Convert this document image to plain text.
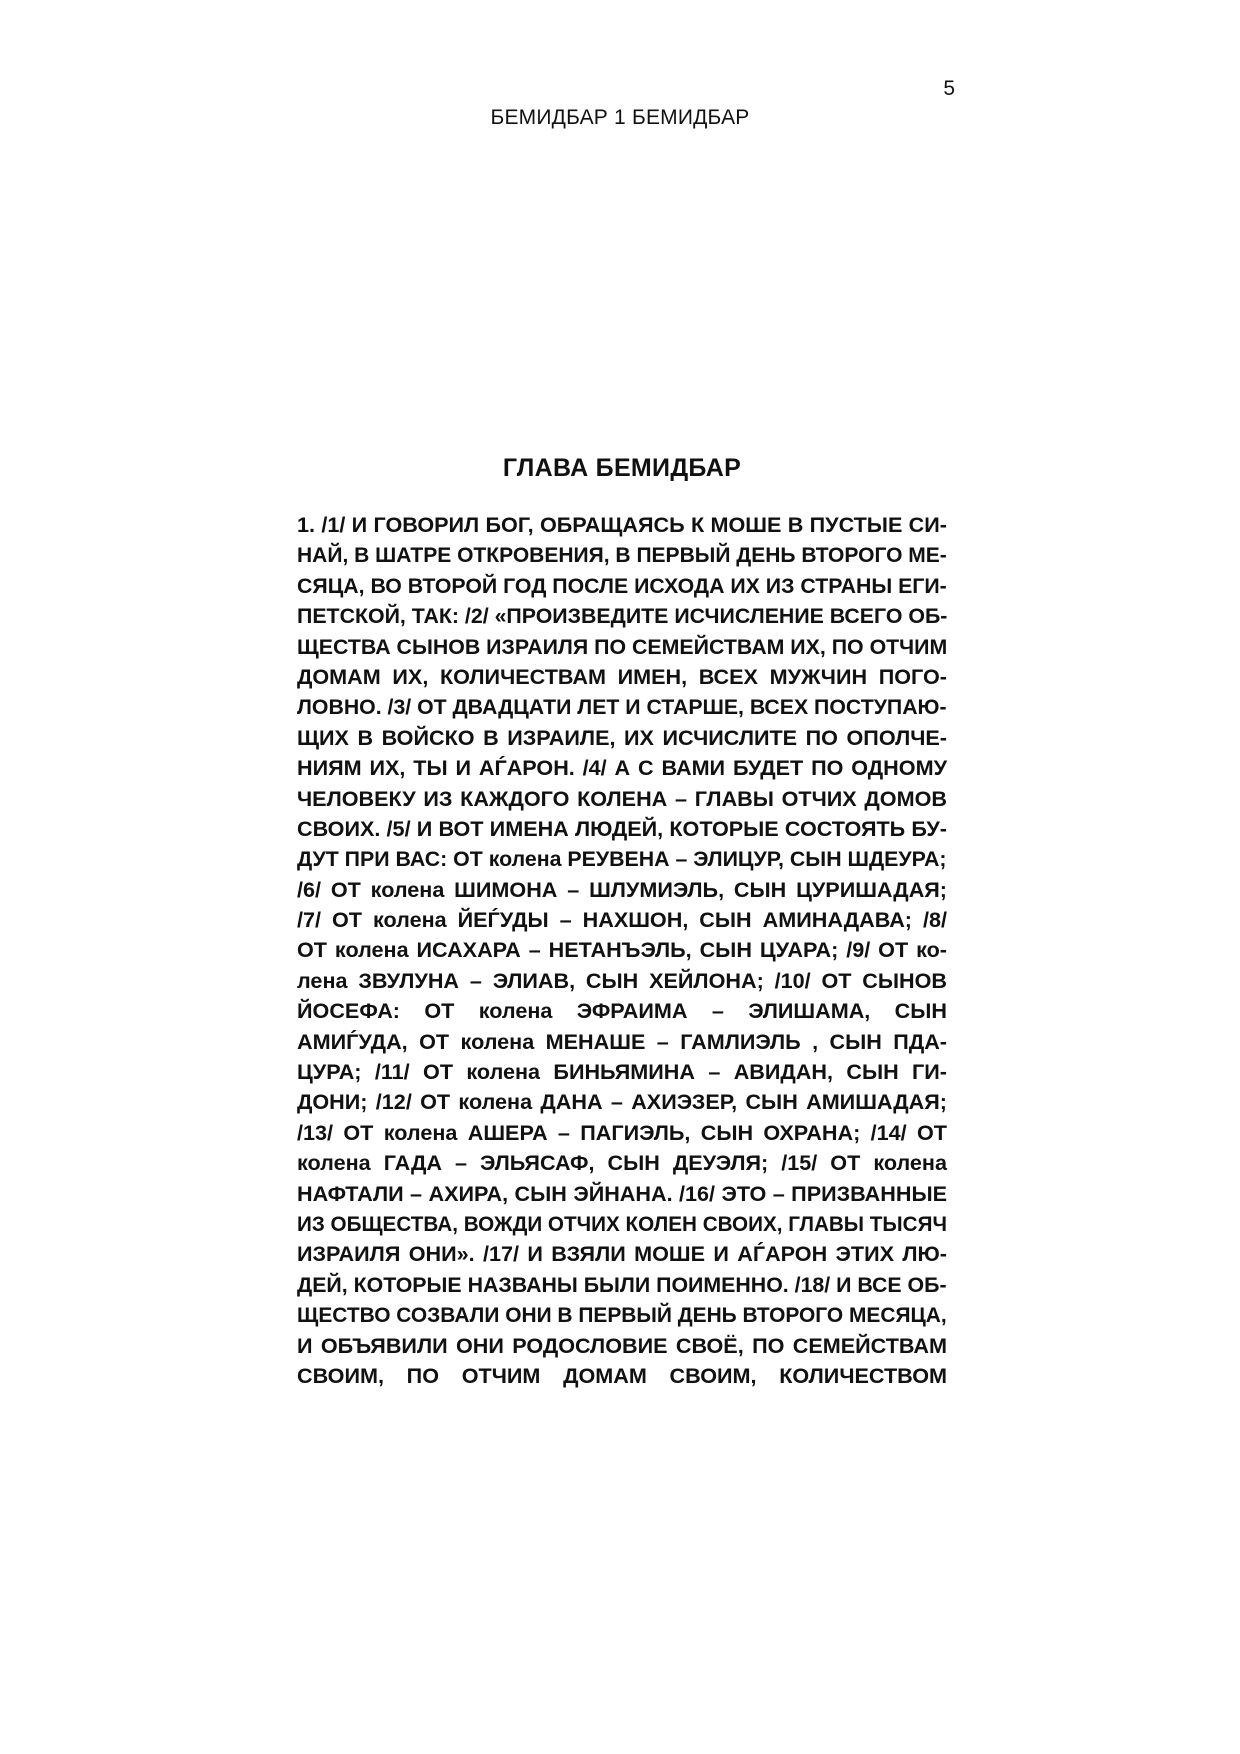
5
БЕМИДБАР 1 БЕМИДБАР
ГЛАВА БЕМИДБАР
1. /1/ И ГОВОРИЛ БОГ, ОБРАЩАЯСЬ К МОШЕ В ПУСТЫЕ СИ-
НАЙ, В ШАТРЕ ОТКРОВЕНИЯ, В ПЕРВЫЙ ДЕНЬ ВТОРОГО МЕ-
СЯЦА, ВО ВТОРОЙ ГОД ПОСЛЕ ИСХОДА ИХ ИЗ СТРАНЫ ЕГИ-
ПЕТСКОЙ, ТАК: /2/ «ПРОИЗВЕДИТЕ ИСЧИСЛЕНИЕ ВСЕГО ОБ-
ЩЕСТВА СЫНОВ ИЗРАИЛЯ ПО СЕМЕЙСТВАМ ИХ, ПО ОТЧИМ
ДОМАМ ИХ, КОЛИЧЕСТВАМ ИМЕН, ВСЕХ МУЖЧИН ПОГО-
ЛОВНО. /3/ ОТ ДВАДЦАТИ ЛЕТ И СТАРШЕ, ВСЕХ ПОСТУПАЮ-
ЩИХ В ВОЙСКО В ИЗРАИЛЕ, ИХ ИСЧИСЛИТЕ ПО ОПОЛЧЕ-
НИЯМ ИХ, ТЫ И АЃАРОН. /4/ А С ВАМИ БУДЕТ ПО ОДНОМУ
ЧЕЛОВЕКУ ИЗ КАЖДОГО КОЛЕНА – ГЛАВЫ ОТЧИХ ДОМОВ
СВОИХ. /5/ И ВОТ ИМЕНА ЛЮДЕЙ, КОТОРЫЕ СОСТОЯТЬ БУ-
ДУТ ПРИ ВАС: ОТ колена РЕУВЕНА – ЭЛИЦУР, СЫН ШДЕУРА;
/6/ ОТ колена ШИМОНА – ШЛУМИЭЛЬ, СЫН ЦУРИШАДАЯ;
/7/ ОТ колена ЙЕЃУДЫ – НАХШОН, СЫН АМИНАДАВА; /8/
ОТ колена ИСАХАРА – НЕТАНЪЭЛЬ, СЫН ЦУАРА; /9/ ОТ ко-
лена ЗВУЛУНА – ЭЛИАВ, СЫН ХЕЙЛОНА; /10/ ОТ СЫНОВ
ЙОСЕФА: ОТ колена ЭФРАИМА – ЭЛИШАМА, СЫН
АМИЃУДА, ОТ колена МЕНАШЕ – ГАМЛИЭЛЬ , СЫН ПДА-
ЦУРА; /11/ ОТ колена БИНЬЯМИНА – АВИДАН, СЫН ГИ-
ДОНИ; /12/ ОТ колена ДАНА – АХИЭЗЕР, СЫН АМИШАДАЯ;
/13/ ОТ колена АШЕРА – ПАГИЭЛЬ, СЫН ОХРАНА; /14/ ОТ
колена ГАДА – ЭЛЬЯСАФ, СЫН ДЕУЭЛЯ; /15/ ОТ колена
НАФТАЛИ – АХИРА, СЫН ЭЙНАНА. /16/ ЭТО – ПРИЗВАННЫЕ
ИЗ ОБЩЕСТВА, ВОЖДИ ОТЧИХ КОЛЕН СВОИХ, ГЛАВЫ ТЫСЯЧ
ИЗРАИЛЯ ОНИ». /17/ И ВЗЯЛИ МОШЕ И АЃАРОН ЭТИХ ЛЮ-
ДЕЙ, КОТОРЫЕ НАЗВАНЫ БЫЛИ ПОИМЕННО. /18/ И ВСЕ ОБ-
ЩЕСТВО СОЗВАЛИ ОНИ В ПЕРВЫЙ ДЕНЬ ВТОРОГО МЕСЯЦА,
И ОБЪЯВИЛИ ОНИ РОДОСЛОВИЕ СВОЁ, ПО СЕМЕЙСТВАМ
СВОИМ, ПО ОТЧИМ ДОМАМ СВОИМ, КОЛИЧЕСТВОМ
